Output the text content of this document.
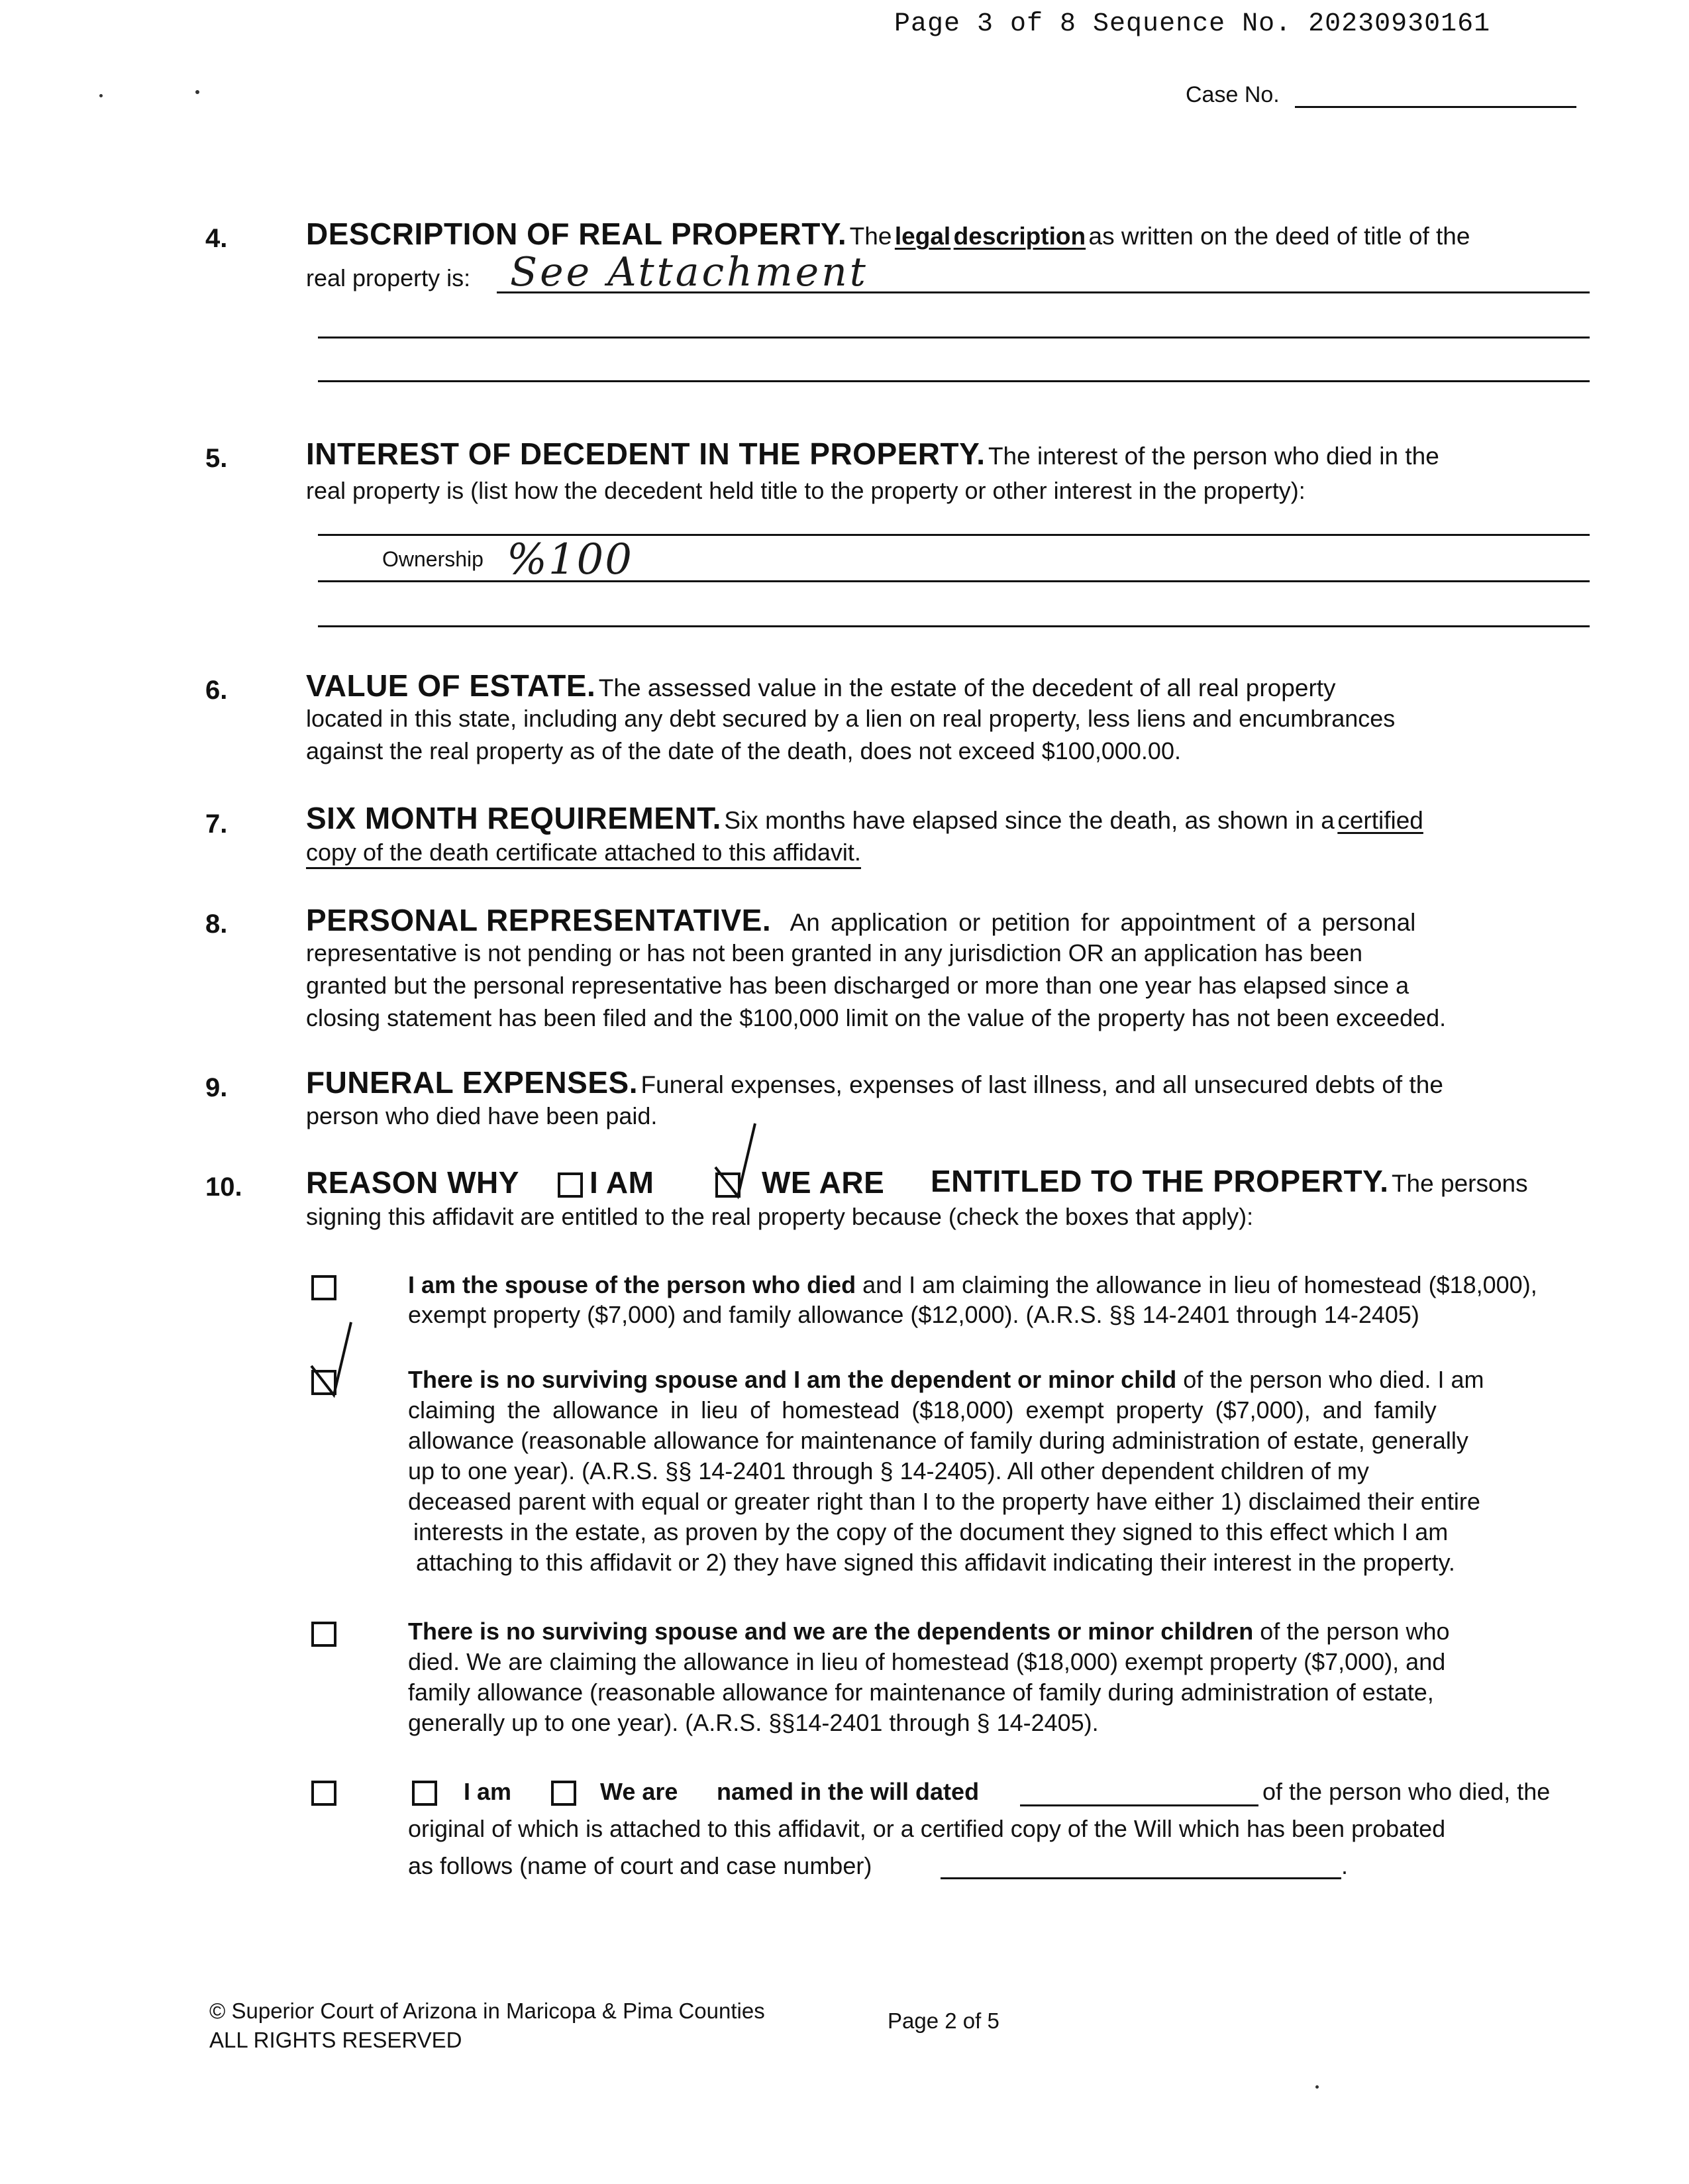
Page 3 of 8 Sequence No. 20230930161
Case No.
4.	DESCRIPTION OF REAL PROPERTY. The legal description as written on the deed of title of the
real property is: See Attachment
5.	INTEREST OF DECEDENT IN THE PROPERTY. The interest of the person who died in the
real property is (list how the decedent held title to the property or other interest in the property):
Ownership %100
6.	VALUE OF ESTATE. The assessed value in the estate of the decedent of all real property
located in this state, including any debt secured by a lien on real property, less liens and encumbrances
against the real property as of the date of the death, does not exceed $100,000.00.
7.	SIX MONTH REQUIREMENT. Six months have elapsed since the death, as shown in a certified
copy of the death certificate attached to this affidavit.
8.	PERSONAL REPRESENTATIVE. An application or petition for appointment of a personal
representative is not pending or has not been granted in any jurisdiction OR an application has been
granted but the personal representative has been discharged or more than one year has elapsed since a
closing statement has been filed and the $100,000 limit on the value of the property has not been exceeded.
9.	FUNERAL EXPENSES. Funeral expenses, expenses of last illness, and all unsecured debts of the
person who died have been paid.
10. REASON WHY I AM	WE ARE ENTITLED TO THE PROPERTY. The persons
signing this affidavit are entitled to the real property because (check the boxes that apply):
I am the spouse of the person who died and I am claiming the allowance in lieu of homestead ($18,000),
exempt property ($7,000) and family allowance ($12,000). (A.R.S. §§ 14-2401 through 14-2405)
There is no surviving spouse and I am the dependent or minor child of the person who died. I am
claiming the allowance in lieu of homestead ($18,000) exempt property ($7,000), and family
allowance (reasonable allowance for maintenance of family during administration of estate, generally
up to one year). (A.R.S. §§ 14-2401 through § 14-2405). All other dependent children of my
deceased parent with equal or greater right than I to the property have either 1) disclaimed their entire
interests in the estate, as proven by the copy of the document they signed to this effect which I am
attaching to this affidavit or 2) they have signed this affidavit indicating their interest in the property.
There is no surviving spouse and we are the dependents or minor children of the person who
died. We are claiming the allowance in lieu of homestead ($18,000) exempt property ($7,000), and
family allowance (reasonable allowance for maintenance of family during administration of estate,
generally up to one year). (A.R.S. §§14-2401 through § 14-2405).
I am	We are named in the will dated	of the person who died, the
original of which is attached to this affidavit, or a certified copy of the Will which has been probated
as follows (name of court and case number)	.
© Superior Court of Arizona in Maricopa & Pima Counties
ALL RIGHTS RESERVED
Page 2 of 5
